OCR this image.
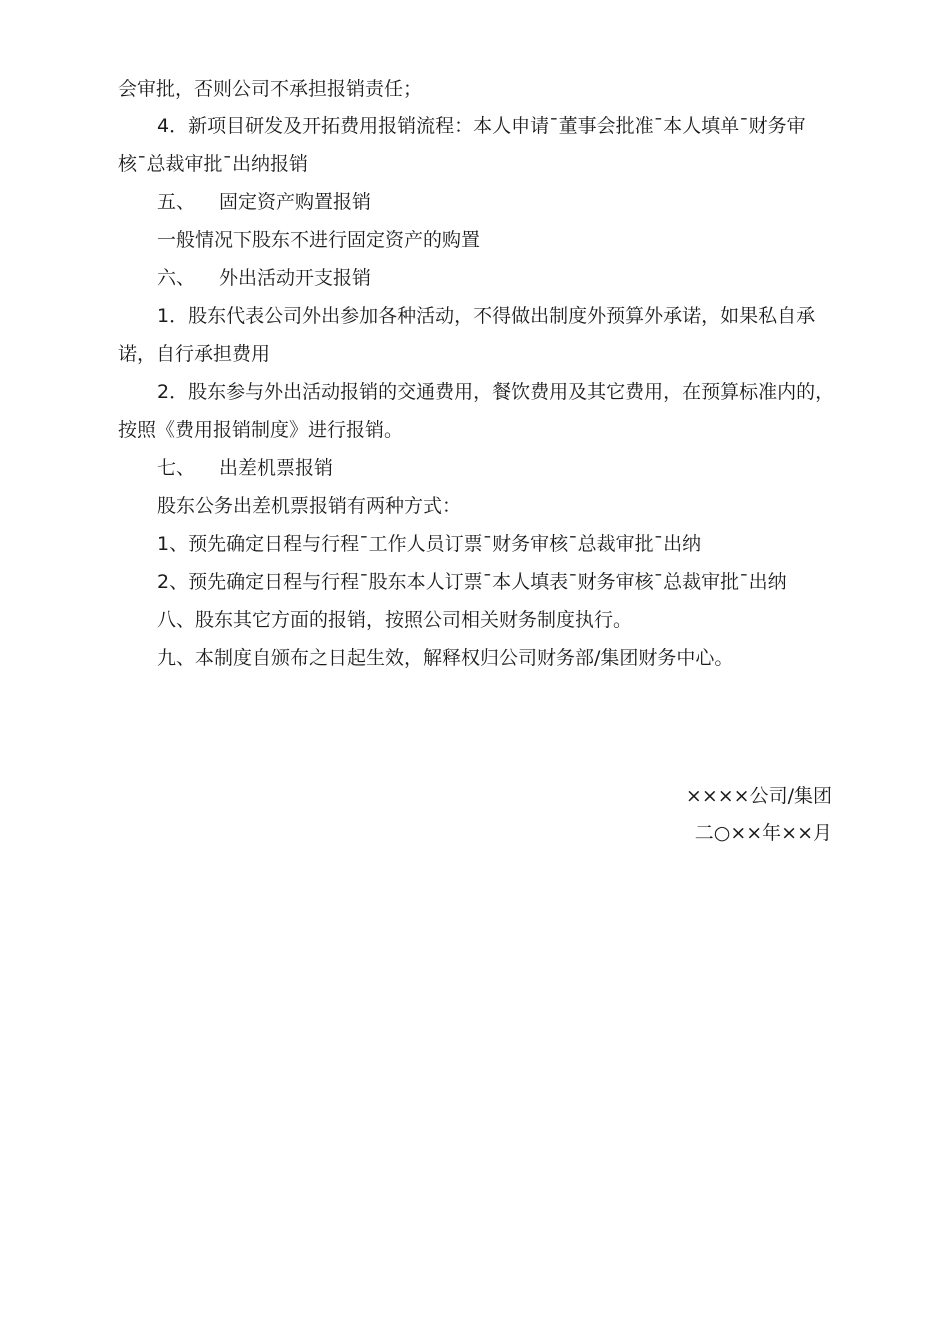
会审批，否则公司不承担报销责任；
4．新项目研发及开拓费用报销流程：本人申请¯董事会批准¯本人填单¯财务审
核¯总裁审批¯出纳报销
五、 固定资产购置报销
一般情况下股东不进行固定资产的购置
六、 外出活动开支报销
1．股东代表公司外出参加各种活动，不得做出制度外预算外承诺，如果私自承
诺，自行承担费用
2．股东参与外出活动报销的交通费用，餐饮费用及其它费用，在预算标准内的，
按照《费用报销制度》进行报销。
七、 出差机票报销
股东公务出差机票报销有两种方式：
1、预先确定日程与行程¯工作人员订票¯财务审核¯总裁审批¯出纳
2、预先确定日程与行程¯股东本人订票¯本人填表¯财务审核¯总裁审批¯出纳
八、股东其它方面的报销，按照公司相关财务制度执行。
九、本制度自颁布之日起生效，解释权归公司财务部/集团财务中心。
××××公司/集团
二○××年××月
